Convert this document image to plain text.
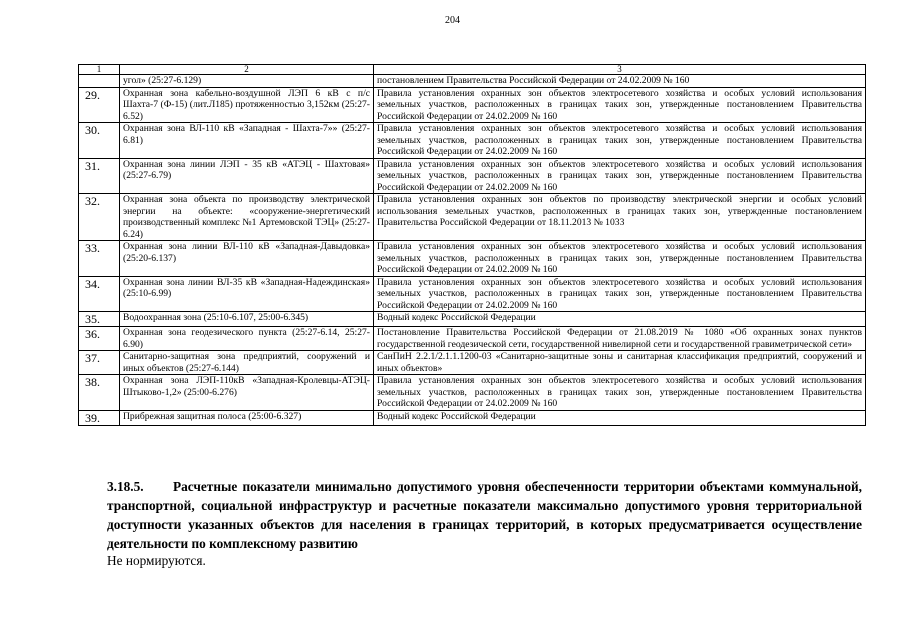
204
1	2	3
	угол» (25:27-6.129)	постановлением Правительства Российской Федерации от 24.02.2009 № 160
29.	Охранная зона кабельно-воздушной ЛЭП 6 кВ с п/с Шахта-7 (Ф-15) (лит.Л185) протяженностью 3,152км (25:27-6.52)	Правила установления охранных зон объектов электросетевого хозяйства и особых условий использования земельных участков, расположенных в границах таких зон, утвержденные постановлением Правительства Российской Федерации от 24.02.2009 № 160
30.	Охранная зона ВЛ-110 кВ «Западная - Шахта-7»» (25:27-6.81)	Правила установления охранных зон объектов электросетевого хозяйства и особых условий использования земельных участков, расположенных в границах таких зон, утвержденные постановлением Правительства Российской Федерации от 24.02.2009 № 160
31.	Охранная зона линии ЛЭП - 35 кВ «АТЭЦ - Шахтовая» (25:27-6.79)	Правила установления охранных зон объектов электросетевого хозяйства и особых условий использования земельных участков, расположенных в границах таких зон, утвержденные постановлением Правительства Российской Федерации от 24.02.2009 № 160
32.	Охранная зона объекта по производству электрической энергии на объекте: «сооружение-энергетический производственный комплекс №1 Артемовской ТЭЦ» (25:27-6.24)	Правила установления охранных зон объектов по производству электрической энергии и особых условий использования земельных участков, расположенных в границах таких зон, утвержденные постановлением Правительства Российской Федерации от 18.11.2013 № 1033
33.	Охранная зона линии ВЛ-110 кВ «Западная-Давыдовка» (25:20-6.137)	Правила установления охранных зон объектов электросетевого хозяйства и особых условий использования земельных участков, расположенных в границах таких зон, утвержденные постановлением Правительства Российской Федерации от 24.02.2009 № 160
34.	Охранная зона линии ВЛ-35 кВ «Западная-Надеждинская» (25:10-6.99)	Правила установления охранных зон объектов электросетевого хозяйства и особых условий использования земельных участков, расположенных в границах таких зон, утвержденные постановлением Правительства Российской Федерации от 24.02.2009 № 160
35.	Водоохранная зона (25:10-6.107, 25:00-6.345)	Водный кодекс Российской Федерации
36.	Охранная зона геодезического пункта (25:27-6.14, 25:27-6.90)	Постановление Правительства Российской Федерации от 21.08.2019 № 1080 «Об охранных зонах пунктов государственной геодезической сети, государственной нивелирной сети и государственной гравиметрической сети»
37.	Санитарно-защитная зона предприятий, сооружений и иных объектов (25:27-6.144)	СанПиН 2.2.1/2.1.1.1200-03 «Санитарно-защитные зоны и санитарная классификация предприятий, сооружений и иных объектов»
38.	Охранная зона ЛЭП-110кВ «Западная-Кролевцы-АТЭЦ-Штыково-1,2» (25:00-6.276)	Правила установления охранных зон объектов электросетевого хозяйства и особых условий использования земельных участков, расположенных в границах таких зон, утвержденные постановлением Правительства Российской Федерации от 24.02.2009 № 160
39.	Прибрежная защитная полоса (25:00-6.327)	Водный кодекс Российской Федерации
3.18.5. Расчетные показатели минимально допустимого уровня обеспеченности территории объектами коммунальной, транспортной, социальной инфраструктур и расчетные показатели максимально допустимого уровня территориальной доступности указанных объектов для населения в границах территорий, в которых предусматривается осуществление деятельности по комплексному развитию
Не нормируются.
